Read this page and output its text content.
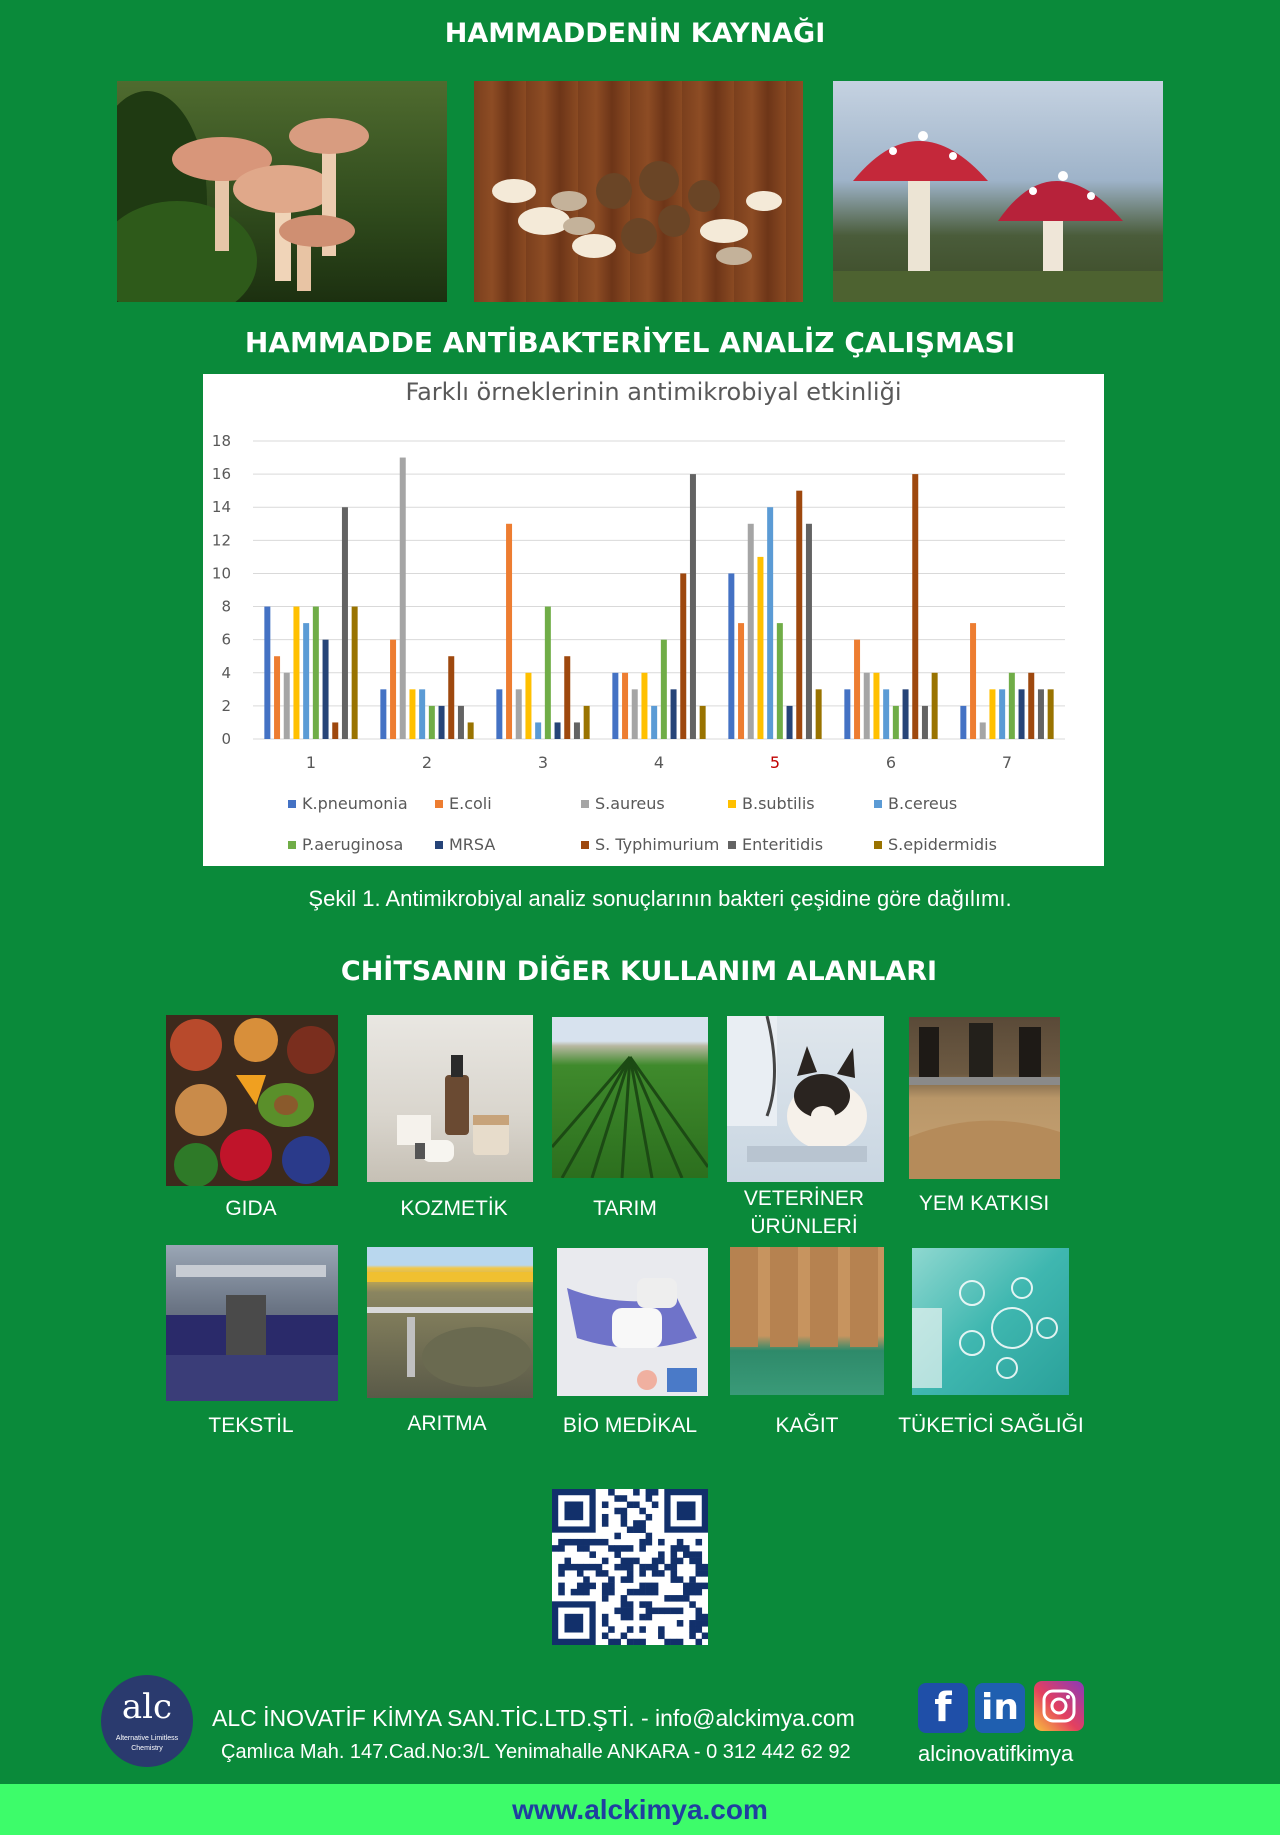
HAMMADDENİN KAYNAĞI
HAMMADDE ANTİBAKTERİYEL ANALİZ ÇALIŞMASI
Farklı örneklerinin antimikrobiyal etkinliği
0
2
4
6
8
10
12
14
16
18
1	2	3	4	5	6	7
K.pneumonia	E.coli	S.aureus	B.subtilis	B.cereus
P.aeruginosa	MRSA	S. Typhimurium Enteritidis	S.epidermidis
Şekil 1. Antimikrobiyal analiz sonuçlarının bakteri çeşidine göre dağılımı.
CHİTSANIN DİĞER KULLANIM ALANLARI
GIDA	KOZMETİK	TARIM	VETERİNER
ÜRÜNLERİ
YEM KATKISI
TEKSTİL	ARITMA	BİO MEDİKAL	KAĞIT	TÜKETİCİ SAĞLIĞI
alc
Alternative Limitless
Chemistry
ALC İNOVATİF KİMYA SAN.TİC.LTD.ŞTİ. - info@alckimya.com
Çamlıca Mah. 147.Cad.No:3/L Yenimahalle ANKARA - 0 312 442 62 92
f in
alcinovatifkimya
www.alckimya.com
